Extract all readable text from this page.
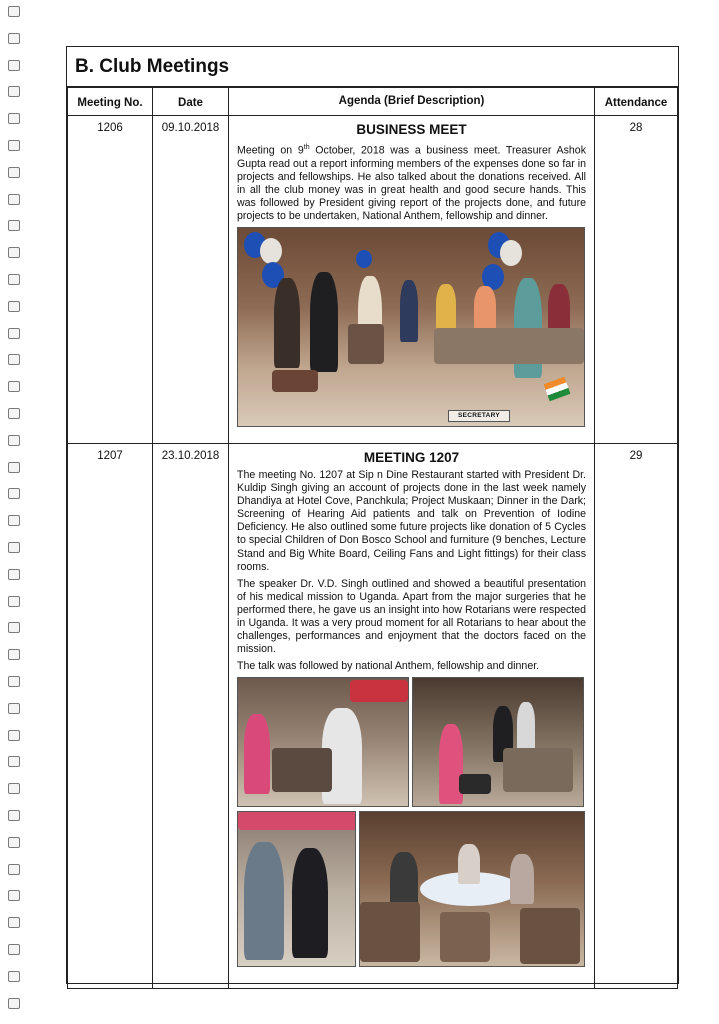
B. Club Meetings
Meeting No.	Date	Agenda (Brief Description)	Attendance
1206	09.10.2018	BUSINESS MEET

Meeting on 9th October, 2018 was a business meet. Treasurer Ashok Gupta read out a report informing members of the expenses done so far in projects and fellowships. He also talked about the donations received. All in all the club money was in great health and good secure hands. This was followed by President giving report of the projects done, and future projects to be undertaken, National Anthem, fellowship and dinner.

SECRETARY	28
1207	23.10.2018	MEETING 1207

The meeting No. 1207 at Sip n Dine Restaurant started with President Dr. Kuldip Singh giving an account of projects done in the last week namely Dhandiya at Hotel Cove, Panchkula; Project Muskaan; Dinner in the Dark; Screening of Hearing Aid patients and talk on Prevention of Iodine Deficiency. He also outlined some future projects like donation of 5 Cycles to special Children of Don Bosco School and furniture (9 benches, Lecture Stand and Big White Board, Ceiling Fans and Light fittings) for their class rooms.

The speaker Dr. V.D. Singh outlined and showed a beautiful presentation of his medical mission to Uganda. Apart from the major surgeries that he performed there, he gave us an insight into how Rotarians were respected in Uganda. It was a very proud moment for all Rotarians to hear about the challenges, performances and enjoyment that the doctors faced on the mission.

The talk was followed by national Anthem, fellowship and dinner.	29
